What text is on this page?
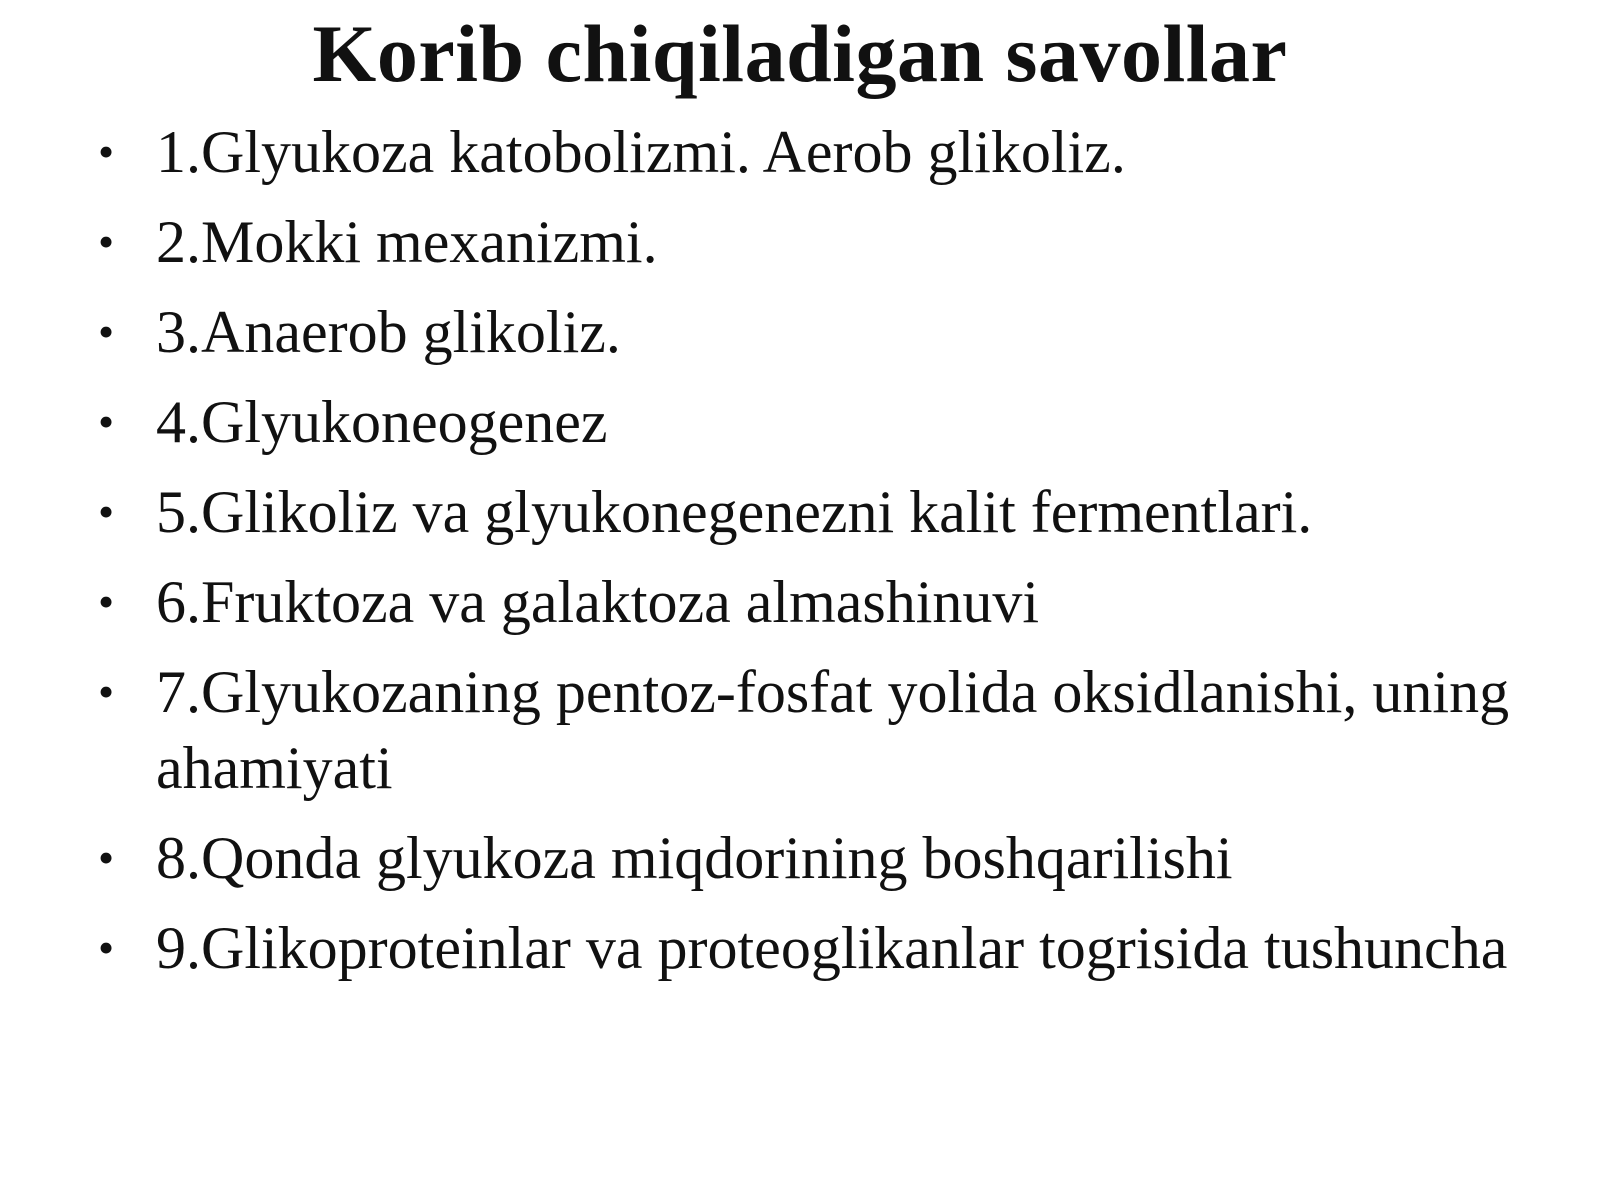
Korib chiqiladigan savollar
• 1.Glyukoza katobolizmi. Aerob glikoliz.
• 2.Mokki mexanizmi.
• 3.Anaerob glikoliz.
• 4.Glyukoneogenez
• 5.Glikoliz va glyukonegenezni kalit fermentlari.
• 6.Fruktoza va galaktoza almashinuvi
• 7.Glyukozaning pentoz-fosfat yolida oksidlanishi, uning ahamiyati
• 8.Qonda glyukoza miqdorining boshqarilishi
• 9.Glikoproteinlar va proteoglikanlar togrisida tushuncha
